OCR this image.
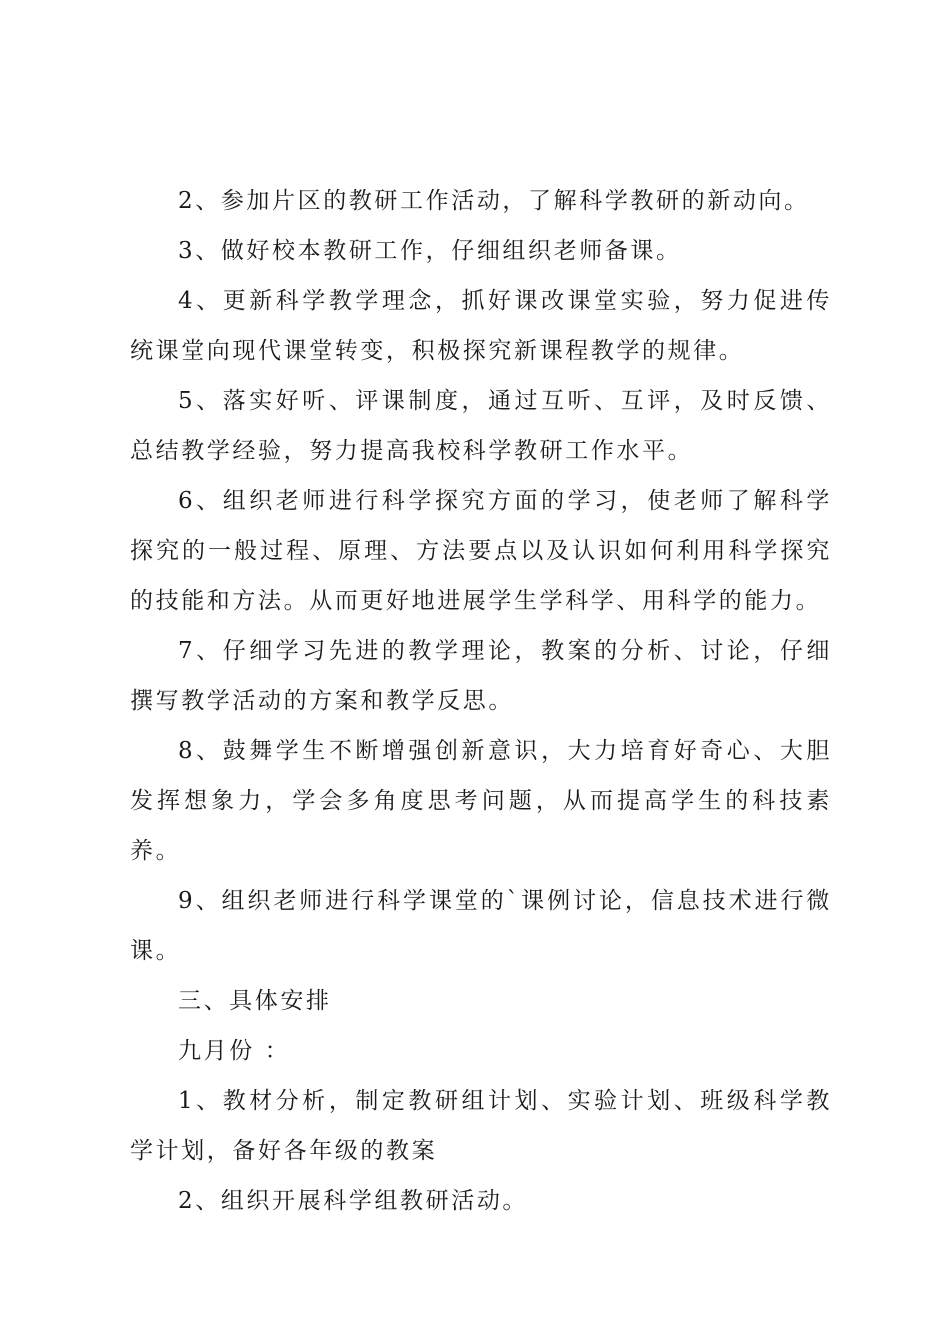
2、参加片区的教研工作活动，了解科学教研的新动向。

3、做好校本教研工作，仔细组织老师备课。

4、更新科学教学理念，抓好课改课堂实验，努力促进传统课堂向现代课堂转变，积极探究新课程教学的规律。

5、落实好听、评课制度，通过互听、互评，及时反馈、总结教学经验，努力提高我校科学教研工作水平。

6、组织老师进行科学探究方面的学习，使老师了解科学探究的一般过程、原理、方法要点以及认识如何利用科学探究的技能和方法。从而更好地进展学生学科学、用科学的能力。

7、仔细学习先进的教学理论，教案的分析、讨论，仔细撰写教学活动的方案和教学反思。

8、鼓舞学生不断增强创新意识，大力培育好奇心、大胆发挥想象力，学会多角度思考问题，从而提高学生的科技素养。

9、组织老师进行科学课堂的`课例讨论，信息技术进行微课。

三、具体安排

九月份 ：

1、教材分析，制定教研组计划、实验计划、班级科学教学计划，备好各年级的教案

2、组织开展科学组教研活动。
